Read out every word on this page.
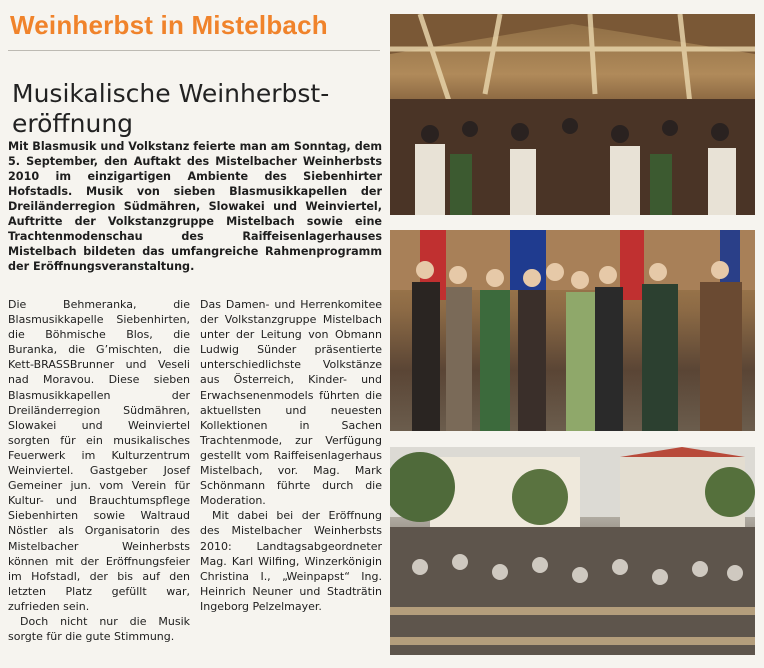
Weinherbst in Mistelbach
Musikalische Weinherbst-eröffnung
Mit Blasmusik und Volkstanz feierte man am Sonntag, dem 5. September, den Auftakt des Mistelbacher Weinherbsts 2010 im einzigartigen Ambiente des Siebenhirter Hofstadls. Musik von sieben Blasmusikkapellen der Dreiländerregion Südmähren, Slowakei und Weinviertel, Auftritte der Volkstanzgruppe Mistelbach sowie eine Trachtenmodenschau des Raiffeisenlagerhauses Mistelbach bildeten das umfangreiche Rahmenprogramm der Eröffnungsveranstaltung.

Die Behmeranka, die Blasmusikkapelle Siebenhirten, die Böhmische Blos, die Buranka, die G’mischten, die Kett-BRASSBrunner und Veseli nad Moravou. Diese sieben Blasmusikkapellen der Dreiländerregion Südmähren, Slowakei und Weinviertel sorgten für ein musikalisches Feuerwerk im Kulturzentrum Weinviertel. Gastgeber Josef Gemeiner jun. vom Verein für Kultur- und Brauchtumspflege Siebenhirten sowie Waltraud Nöstler als Organisatorin des Mistelbacher Weinherbsts können mit der Eröffnungsfeier im Hofstadl, der bis auf den letzten Platz gefüllt war, zufrieden sein.

Doch nicht nur die Musik sorgte für die gute Stimmung.

Das Damen- und Herrenkomitee der Volkstanzgruppe Mistelbach unter der Leitung von Obmann Ludwig Sünder präsentierte unterschiedlichste Volkstänze aus Österreich, Kinder- und Erwachsenenmodels führten die aktuellsten und neuesten Kollektionen in Sachen Trachtenmode, zur Verfügung gestellt vom Raiffeisenlagerhaus Mistelbach, vor. Mag. Mark Schönmann führte durch die Moderation.

Mit dabei bei der Eröffnung des Mistelbacher Weinherbsts 2010: Landtagsabgeordneter Mag. Karl Wilfing, Winzerkönigin Christina I., „Weinpapst“ Ing. Heinrich Neuner und Stadträtin Ingeborg Pelzelmayer.
